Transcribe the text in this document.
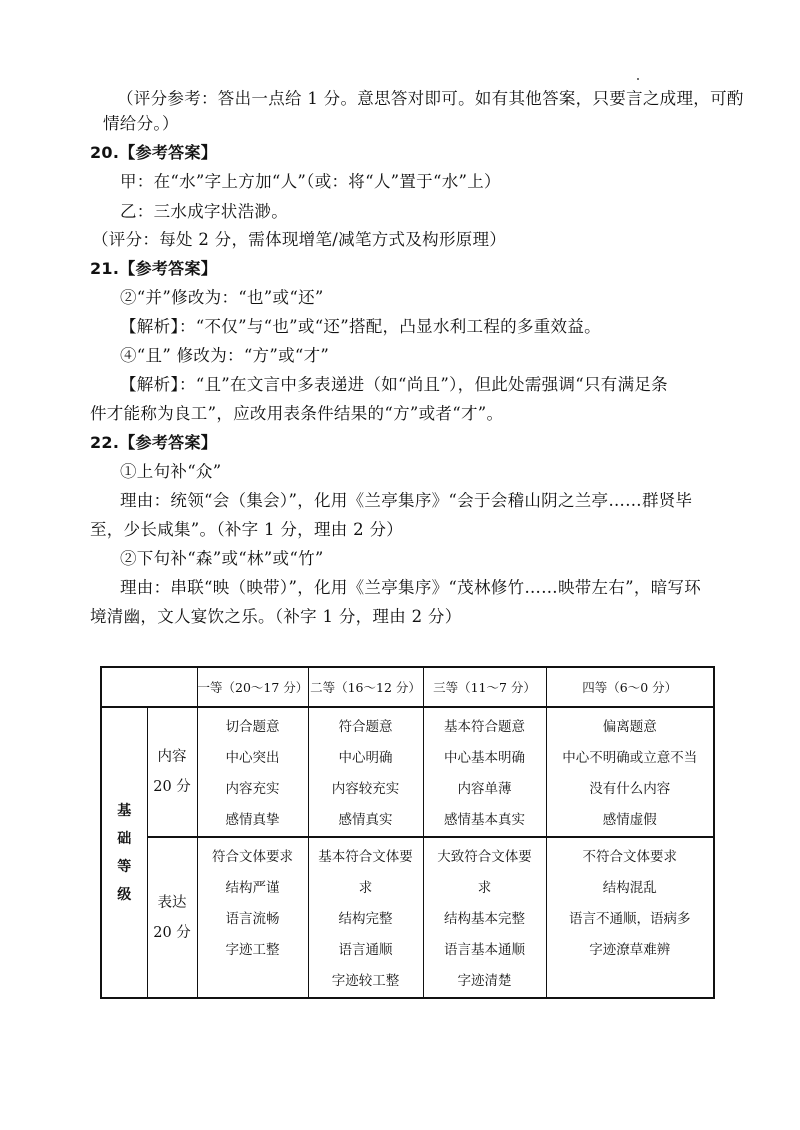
（评分参考：答出一点给 1 分。意思答对即可。如有其他答案，只要言之成理，可酌
情给分。）
20.【参考答案】
甲：在“水”字上方加“人”（或：将“人”置于“水”上）
乙：三水成字状浩渺。
（评分：每处 2 分，需体现增笔/减笔方式及构形原理）
21.【参考答案】
②“并”修改为：“也”或“还”
【解析】：“不仅”与“也”或“还”搭配，凸显水利工程的多重效益。
④“且” 修改为：“方”或“才”
【解析】：“且”在文言中多表递进（如“尚且”），但此处需强调“只有满足条
件才能称为良工”，应改用表条件结果的“方”或者“才”。
22.【参考答案】
①上句补“众”
理由：统领“会（集会）”，化用《兰亭集序》“会于会稽山阴之兰亭……群贤毕
至，少长咸集”。（补字 1 分，理由 2 分）
②下句补“森”或“林”或“竹”
理由：串联“映（映带）”，化用《兰亭集序》“茂林修竹……映带左右”，暗写环
境清幽，文人宴饮之乐。（补字 1 分，理由 2 分）
		一等（20～17 分）	二等（16～12 分）	三等（11～7 分）	四等（6～0 分）

基
础
等
级	内容
20 分	切合题意
中心突出
内容充实
感情真挚	符合题意
中心明确
内容较充实
感情真实	基本符合题意
中心基本明确
内容单薄
感情基本真实	偏离题意
中心不明确或立意不当
没有什么内容
感情虚假

	表达
20 分	符合文体要求
结构严谨
语言流畅
字迹工整	基本符合文体要
求
结构完整
语言通顺
字迹较工整	大致符合文体要
求
结构基本完整
语言基本通顺
字迹清楚	不符合文体要求
结构混乱
语言不通顺，语病多
字迹潦草难辨
